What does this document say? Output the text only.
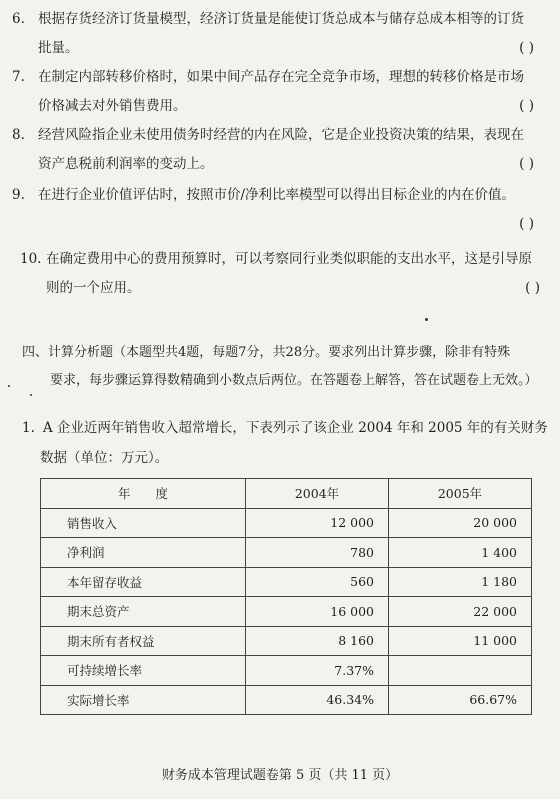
6. 根据存货经济订货量模型，经济订货量是能使订货总成本与储存总成本相等的订货
批量。	( )
7. 在制定内部转移价格时，如果中间产品存在完全竞争市场，理想的转移价格是市场
价格减去对外销售费用。	( )
8. 经营风险指企业未使用债务时经营的内在风险，它是企业投资决策的结果，表现在
资产息税前利润率的变动上。	( )
9. 在进行企业价值评估时，按照市价/净利比率模型可以得出目标企业的内在价值。
( )
10. 在确定费用中心的费用预算时，可以考察同行业类似职能的支出水平，这是引导原
则的一个应用。	( )
四、计算分析题（本题型共4题，每题7分，共28分。要求列出计算步骤，除非有特殊
要求，每步骤运算得数精确到小数点后两位。在答题卷上解答，答在试题卷上无效。）
1. A 企业近两年销售收入超常增长，下表列示了该企业 2004 年和 2005 年的有关财务
数据（单位：万元）。
年　　度	2004年	2005年
销售收入	12 000	20 000
净利润	780	1 400
本年留存收益	560	1 180
期末总资产	16 000	22 000
期末所有者权益	8 160	11 000
可持续增长率	7.37%	
实际增长率	46.34%	66.67%
财务成本管理试题卷第 5 页（共 11 页）
